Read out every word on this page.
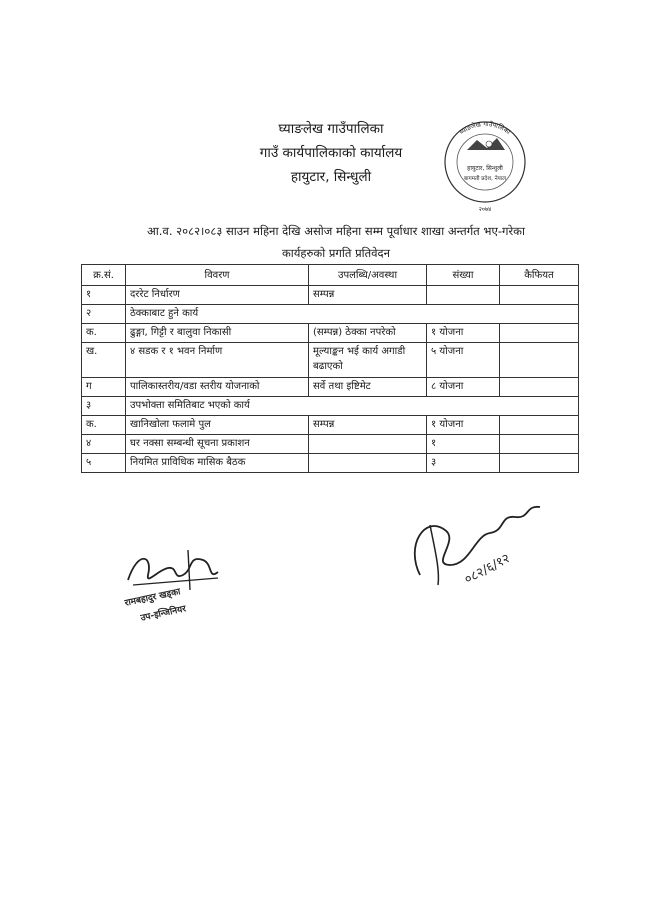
घ्याङलेख गाउँपालिका
गाउँ कार्यपालिकाको कार्यालय
हायुटार, सिन्धुली
घ्याङलेख गाउँपालिका
हायुटार, सिन्धुली
बागमती प्रदेश, नेपाल
२०७४
आ.व. २०८२।०८३ साउन महिना देखि असोज महिना सम्म पूर्वाधार शाखा अन्तर्गत भए-गरेका
कार्यहरुको प्रगति प्रतिवेदन
क्र.सं.	विवरण	उपलब्धि/अवस्था	संख्या	कैफियत
१	दररेट निर्धारण	सम्पन्न		
२	ठेक्काबाट हुने कार्य			
क.	ढुङ्गा, गिट्टी र बालुवा निकासी	(सम्पन्न) ठेक्का नपरेको	१ योजना	
ख.	४ सडक र १ भवन निर्माण	मूल्याङ्कन भई कार्य अगाडी बढाएको	५ योजना	
ग	पालिकास्तरीय/वडा स्तरीय योजनाको	सर्वे तथा इष्टिमेट	८ योजना	
३	उपभोक्ता समितिबाट भएको कार्य			
क.	खानिखोला फलामे पुल	सम्पन्न	१ योजना	
४	घर नक्सा सम्बन्धी सूचना प्रकाशन		१	
५	नियमित प्राविधिक मासिक बैठक		३	
रामबहादुर खड्का
उप-इन्जिनियर
०८२/६/१२
